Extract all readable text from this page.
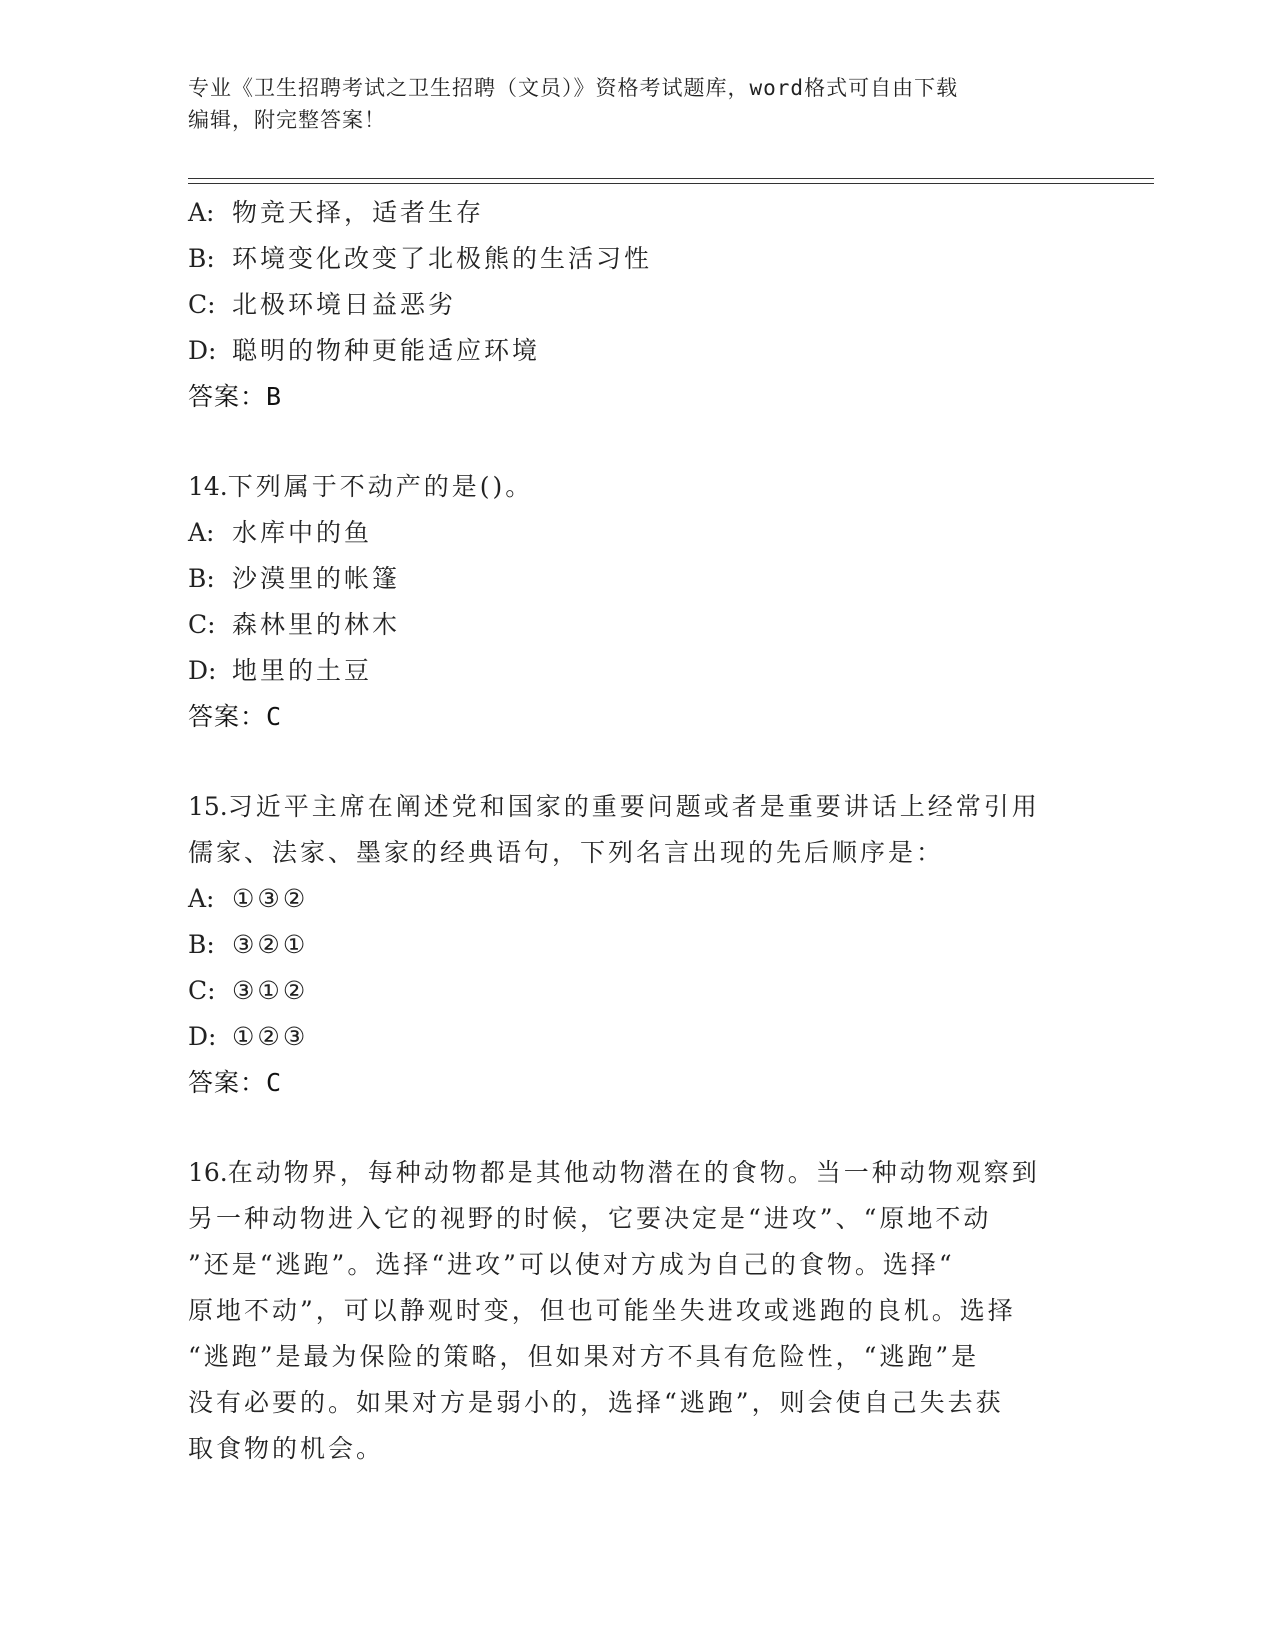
专业《卫生招聘考试之卫生招聘（文员）》资格考试题库，word格式可自由下载
编辑，附完整答案！
A: 物竞天择，适者生存
B: 环境变化改变了北极熊的生活习性
C: 北极环境日益恶劣
D: 聪明的物种更能适应环境
答案：B
14.下列属于不动产的是()。
A: 水库中的鱼
B: 沙漠里的帐篷
C: 森林里的林木
D: 地里的土豆
答案：C
15.习近平主席在阐述党和国家的重要问题或者是重要讲话上经常引用
儒家、法家、墨家的经典语句，下列名言出现的先后顺序是：
A: ①③②
B: ③②①
C: ③①②
D: ①②③
答案：C
16.在动物界，每种动物都是其他动物潜在的食物。当一种动物观察到
另一种动物进入它的视野的时候，它要决定是“进攻”、“原地不动
”还是“逃跑”。选择“进攻”可以使对方成为自己的食物。选择“
原地不动”，可以静观时变，但也可能坐失进攻或逃跑的良机。选择
“逃跑”是最为保险的策略，但如果对方不具有危险性，“逃跑”是
没有必要的。如果对方是弱小的，选择“逃跑”，则会使自己失去获
取食物的机会。
